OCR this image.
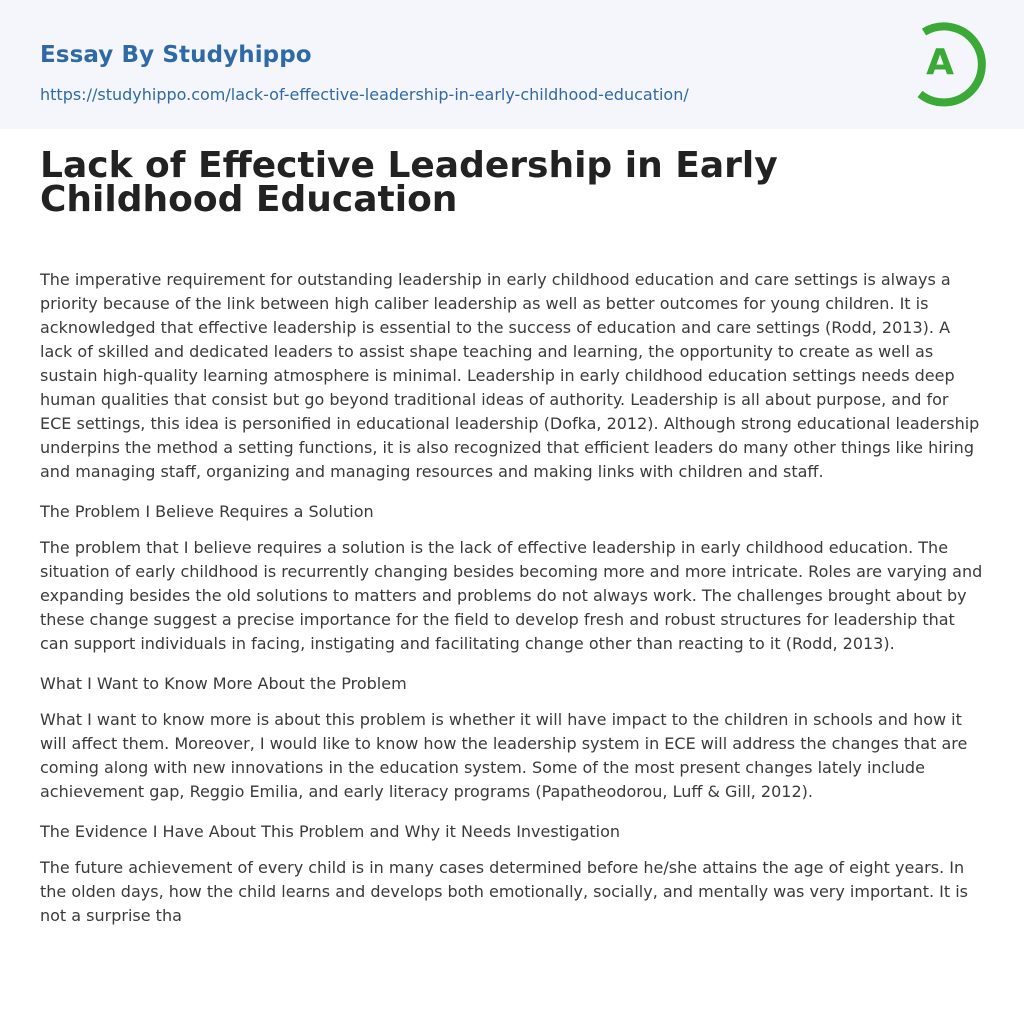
Essay By Studyhippo
https://studyhippo.com/lack-of-effective-leadership-in-early-childhood-education/
A
Lack of Effective Leadership in Early Childhood Education

The imperative requirement for outstanding leadership in early childhood education and care settings is always a priority because of the link between high caliber leadership as well as better outcomes for young children. It is acknowledged that effective leadership is essential to the success of education and care settings (Rodd, 2013). A lack of skilled and dedicated leaders to assist shape teaching and learning, the opportunity to create as well as sustain high-quality learning atmosphere is minimal. Leadership in early childhood education settings needs deep human qualities that consist but go beyond traditional ideas of authority. Leadership is all about purpose, and for ECE settings, this idea is personified in educational leadership (Dofka, 2012). Although strong educational leadership underpins the method a setting functions, it is also recognized that efficient leaders do many other things like hiring and managing staff, organizing and managing resources and making links with children and staff.

The Problem I Believe Requires a Solution

The problem that I believe requires a solution is the lack of effective leadership in early childhood education. The situation of early childhood is recurrently changing besides becoming more and more intricate. Roles are varying and expanding besides the old solutions to matters and problems do not always work. The challenges brought about by these change suggest a precise importance for the field to develop fresh and robust structures for leadership that can support individuals in facing, instigating and facilitating change other than reacting to it (Rodd, 2013).

What I Want to Know More About the Problem

What I want to know more is about this problem is whether it will have impact to the children in schools and how it will affect them. Moreover, I would like to know how the leadership system in ECE will address the changes that are coming along with new innovations in the education system. Some of the most present changes lately include achievement gap, Reggio Emilia, and early literacy programs (Papatheodorou, Luff & Gill, 2012).

The Evidence I Have About This Problem and Why it Needs Investigation

The future achievement of every child is in many cases determined before he/she attains the age of eight years. In the olden days, how the child learns and develops both emotionally, socially, and mentally was very important. It is not a surprise tha
